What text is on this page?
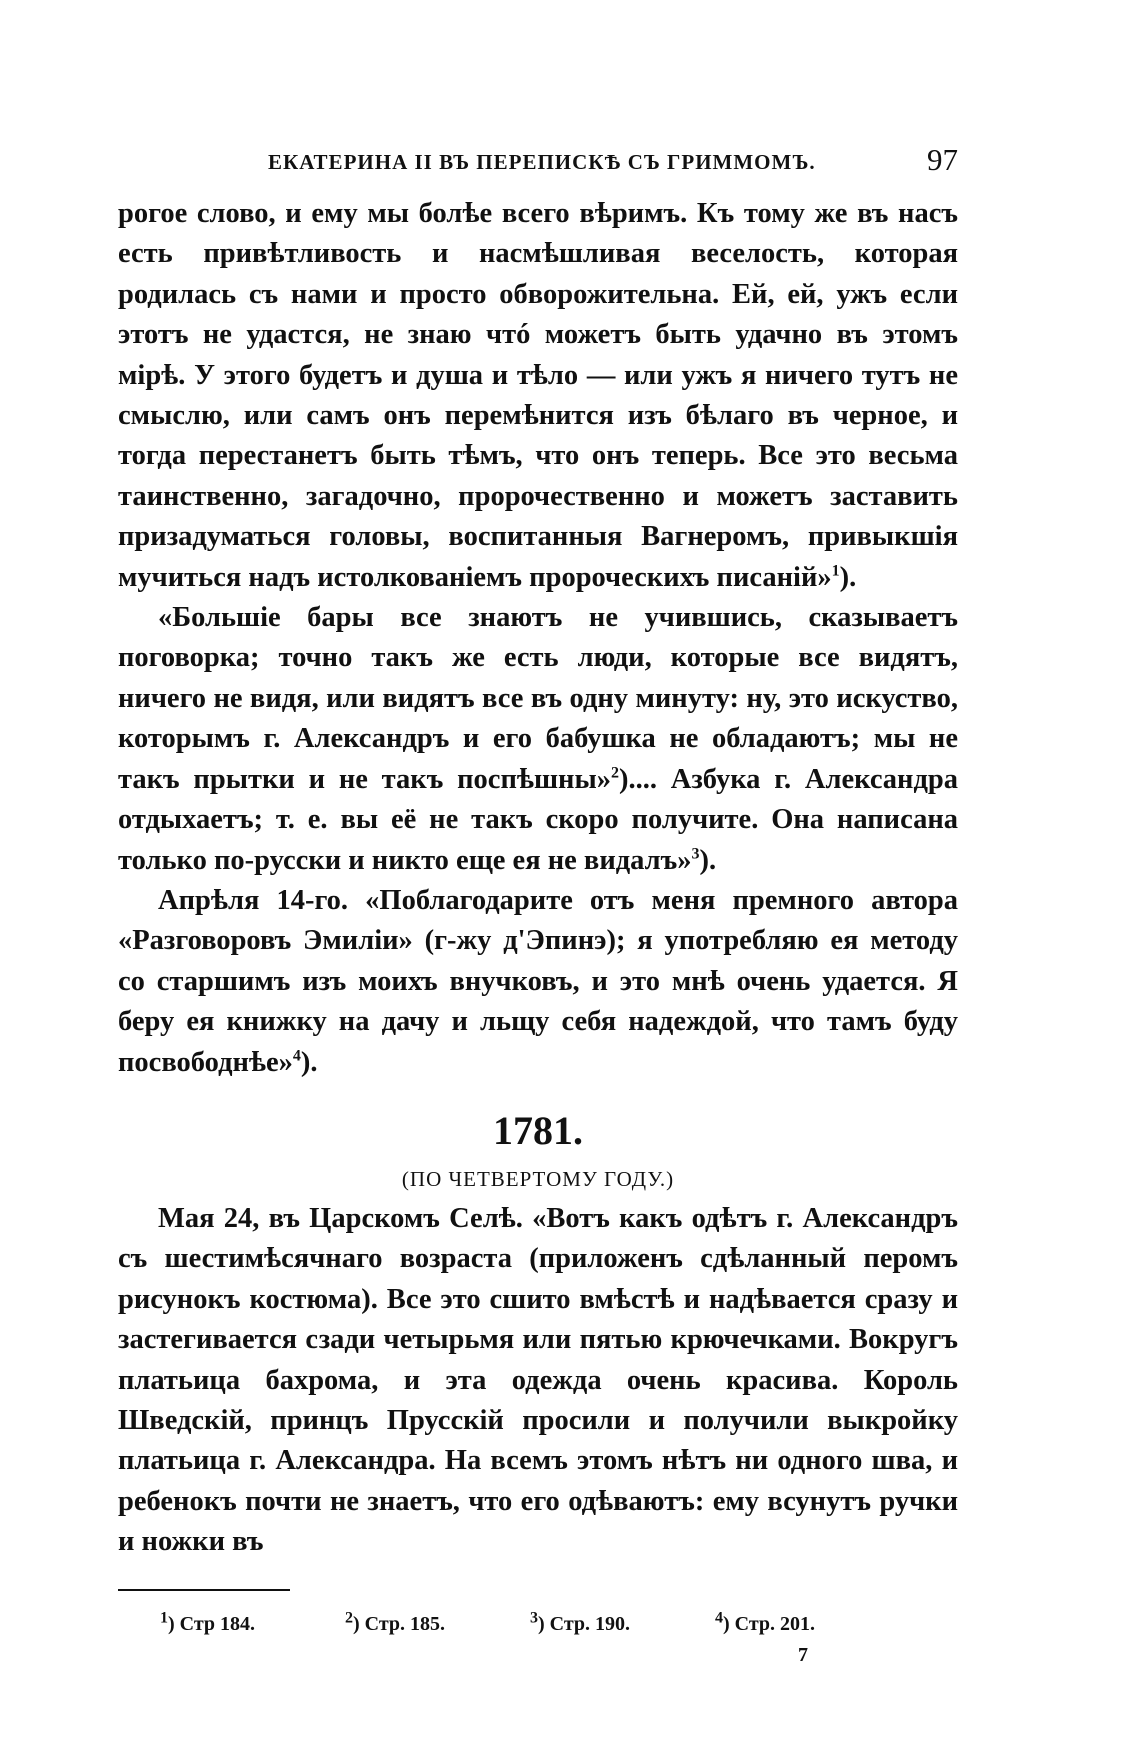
ЕКАТЕРИНА II ВЪ ПЕРЕПИСКѢ СЪ ГРИММОМЪ.	97

рогое слово, и ему мы болѣе всего вѣримъ. Къ тому же въ насъ есть привѣтливость и насмѣшливая веселость, которая родилась съ нами и просто обворожительна. Ей, ей, ужъ если этотъ не удастся, не знаю чтó можетъ быть удачно въ этомъ мірѣ. У этого будетъ и душа и тѣло — или ужъ я ничего тутъ не смыслю, или самъ онъ перемѣнится изъ бѣлаго въ черное, и тогда перестанетъ быть тѣмъ, что онъ теперь. Все это весьма таинственно, загадочно, пророчественно и можетъ заставить призадуматься головы, воспитанныя Вагнеромъ, привыкшія мучиться надъ истолкованіемъ пророческихъ писаній»$^1$).

«Большіе бары все знаютъ не учившись, сказываетъ поговорка; точно такъ же есть люди, которые все видятъ, ничего не видя, или видятъ все въ одну минуту: ну, это искуство, которымъ г. Александръ и его бабушка не обладаютъ; мы не такъ прытки и не такъ поспѣшны»$^2$).... Азбука г. Александра отдыхаетъ; т. е. вы её не такъ скоро получите. Она написана только по-русски и никто еще ея не видалъ»$^3$).

Апрѣля 14-го. «Поблагодарите отъ меня премного автора «Разговоровъ Эмиліи» (г-жу д'Эпинэ); я употребляю ея методу со старшимъ изъ моихъ внучковъ, и это мнѣ очень удается. Я беру ея книжку на дачу и льщу себя надеждой, что тамъ буду посвободнѣе»$^4$).

1781.
(ПО ЧЕТВЕРТОМУ ГОДУ.)

Мая 24, въ Царскомъ Селѣ. «Вотъ какъ одѣтъ г. Александръ съ шестимѣсячнаго возраста (приложенъ сдѣланный перомъ рисунокъ костюма). Все это сшито вмѣстѣ и надѣвается сразу и застегивается сзади четырьмя или пятью крючечками. Вокругъ платьица бахрома, и эта одежда очень красива. Король Шведскій, принцъ Прусскій просили и получили выкройку платьица г. Александра. На всемъ этомъ нѣтъ ни одного шва, и ребенокъ почти не знаетъ, что его одѣваютъ: ему всунутъ ручки и ножки въ

$^1$) Стр 184.	$^2$) Стр. 185.	$^3$) Стр. 190.	$^4$) Стр. 201.
7
